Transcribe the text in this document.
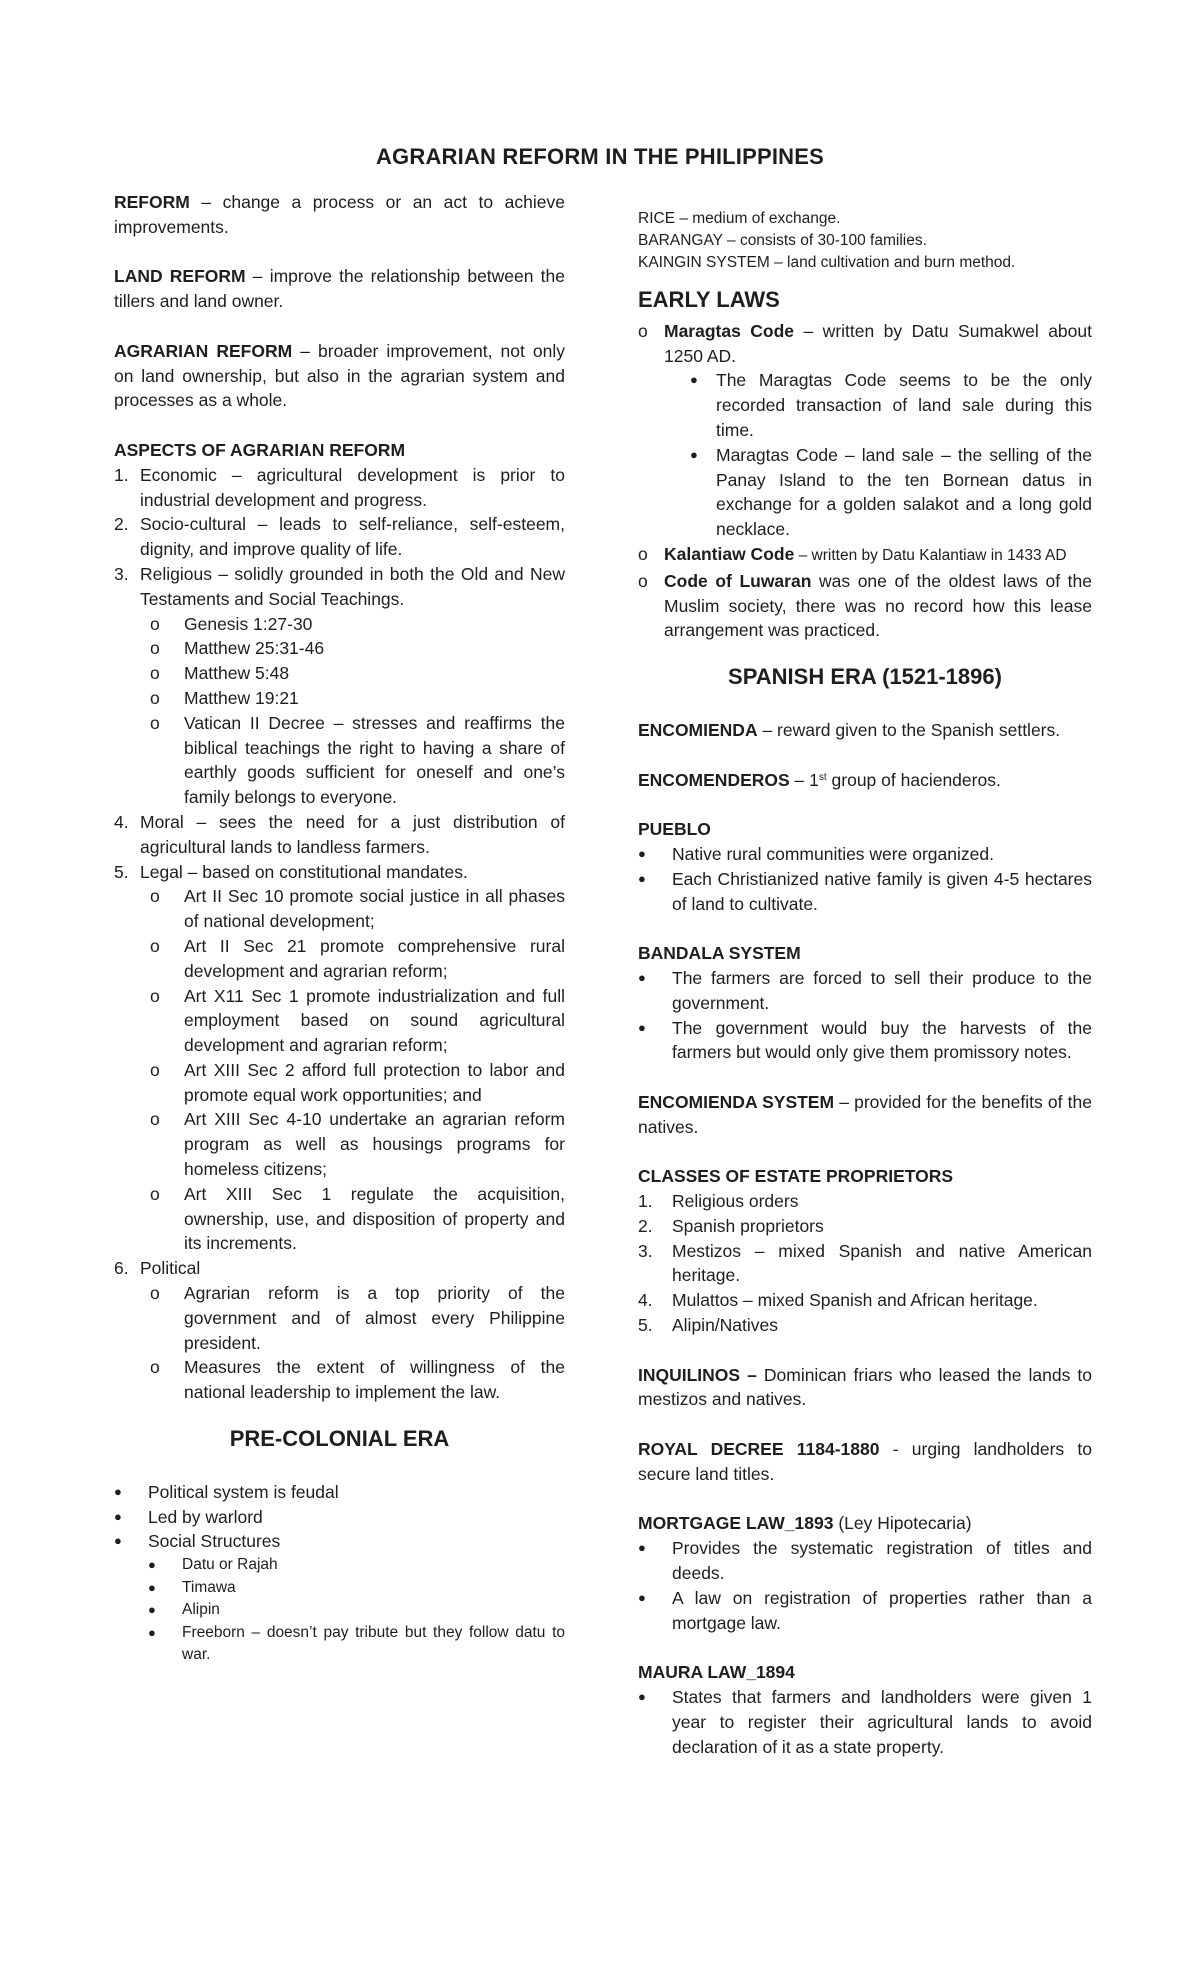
AGRARIAN REFORM IN THE PHILIPPINES

REFORM – change a process or an act to achieve improvements.

LAND REFORM – improve the relationship between the tillers and land owner.

AGRARIAN REFORM – broader improvement, not only on land ownership, but also in the agrarian system and processes as a whole.

ASPECTS OF AGRARIAN REFORM
1. Economic – agricultural development is prior to industrial development and progress.
2. Socio-cultural – leads to self-reliance, self-esteem, dignity, and improve quality of life.
3. Religious – solidly grounded in both the Old and New Testaments and Social Teachings.
o Genesis 1:27-30
o Matthew 25:31-46
o Matthew 5:48
o Matthew 19:21
o Vatican II Decree – stresses and reaffirms the biblical teachings the right to having a share of earthly goods sufficient for oneself and one’s family belongs to everyone.
4. Moral – sees the need for a just distribution of agricultural lands to landless farmers.
5. Legal – based on constitutional mandates.
o Art II Sec 10 promote social justice in all phases of national development;
o Art II Sec 21 promote comprehensive rural development and agrarian reform;
o Art X11 Sec 1 promote industrialization and full employment based on sound agricultural development and agrarian reform;
o Art XIII Sec 2 afford full protection to labor and promote equal work opportunities; and
o Art XIII Sec 4-10 undertake an agrarian reform program as well as housings programs for homeless citizens;
o Art XIII Sec 1 regulate the acquisition, ownership, use, and disposition of property and its increments.
6. Political
o Agrarian reform is a top priority of the government and of almost every Philippine president.
o Measures the extent of willingness of the national leadership to implement the law.
PRE-COLONIAL ERA
● Political system is feudal
● Led by warlord
● Social Structures
● Datu or Rajah
● Timawa
● Alipin
● Freeborn – doesn’t pay tribute but they follow datu to war.
RICE – medium of exchange.
BARANGAY – consists of 30-100 families.
KAINGIN SYSTEM – land cultivation and burn method.
EARLY LAWS
o Maragtas Code – written by Datu Sumakwel about 1250 AD.
● The Maragtas Code seems to be the only recorded transaction of land sale during this time.
● Maragtas Code – land sale – the selling of the Panay Island to the ten Bornean datus in exchange for a golden salakot and a long gold necklace.
o Kalantiaw Code – written by Datu Kalantiaw in 1433 AD
o Code of Luwaran was one of the oldest laws of the Muslim society, there was no record how this lease arrangement was practiced.
SPANISH ERA (1521-1896)

ENCOMIENDA – reward given to the Spanish settlers.

ENCOMENDEROS – 1st group of hacienderos.

PUEBLO
● Native rural communities were organized.
● Each Christianized native family is given 4-5 hectares of land to cultivate.
BANDALA SYSTEM
● The farmers are forced to sell their produce to the government.
● The government would buy the harvests of the farmers but would only give them promissory notes.

ENCOMIENDA SYSTEM – provided for the benefits of the natives.

CLASSES OF ESTATE PROPRIETORS
1. Religious orders
2. Spanish proprietors
3. Mestizos – mixed Spanish and native American heritage.
4. Mulattos – mixed Spanish and African heritage.
5. Alipin/Natives

INQUILINOS – Dominican friars who leased the lands to mestizos and natives.

ROYAL DECREE 1184-1880 - urging landholders to secure land titles.

MORTGAGE LAW_1893 (Ley Hipotecaria)
● Provides the systematic registration of titles and deeds.
● A law on registration of properties rather than a mortgage law.
MAURA LAW_1894
● States that farmers and landholders were given 1 year to register their agricultural lands to avoid declaration of it as a state property.
